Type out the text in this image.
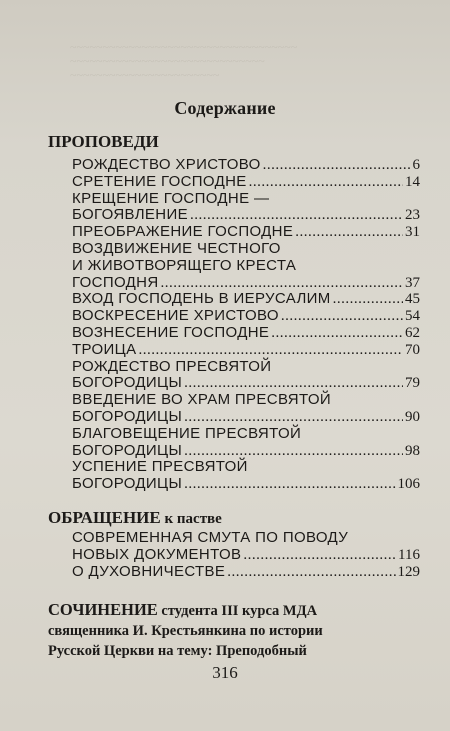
~~~~~~~~~~~~~~~~~~~~~~~~~~~~~~~~~~~
~~~~~~~~~~~~~~~~~~~~~~~~~~~~~~
~~~~~~~~~~~~~~~~~~~~~~~
Содержание
ПРОПОВЕДИ
РОЖДЕСТВО ХРИСТОВО .....	6
СРЕТЕНИЕ ГОСПОДНЕ .....	14
КРЕЩЕНИЕ ГОСПОДНЕ —
БОГОЯВЛЕНИЕ .....	23
ПРЕОБРАЖЕНИЕ ГОСПОДНЕ .....	31
ВОЗДВИЖЕНИЕ ЧЕСТНОГО
И ЖИВОТВОРЯЩЕГО КРЕСТА
ГОСПОДНЯ .....	37
ВХОД ГОСПОДЕНЬ В ИЕРУСАЛИМ .....	45
ВОСКРЕСЕНИЕ ХРИСТОВО .....	54
ВОЗНЕСЕНИЕ ГОСПОДНЕ .....	62
ТРОИЦА .....	70
РОЖДЕСТВО ПРЕСВЯТОЙ
БОГОРОДИЦЫ .....	79
ВВЕДЕНИЕ ВО ХРАМ ПРЕСВЯТОЙ
БОГОРОДИЦЫ .....	90
БЛАГОВЕЩЕНИЕ ПРЕСВЯТОЙ
БОГОРОДИЦЫ .....	98
УСПЕНИЕ ПРЕСВЯТОЙ
БОГОРОДИЦЫ .....	106
ОБРАЩЕНИЕ к пастве
СОВРЕМЕННАЯ СМУТА ПО ПОВОДУ
НОВЫХ ДОКУМЕНТОВ .....	116
О ДУХОВНИЧЕСТВЕ .....	129
СОЧИНЕНИЕ студента III курса МДА
священника И. Крестьянкина по истории
Русской Церкви на тему: Преподобный
316
